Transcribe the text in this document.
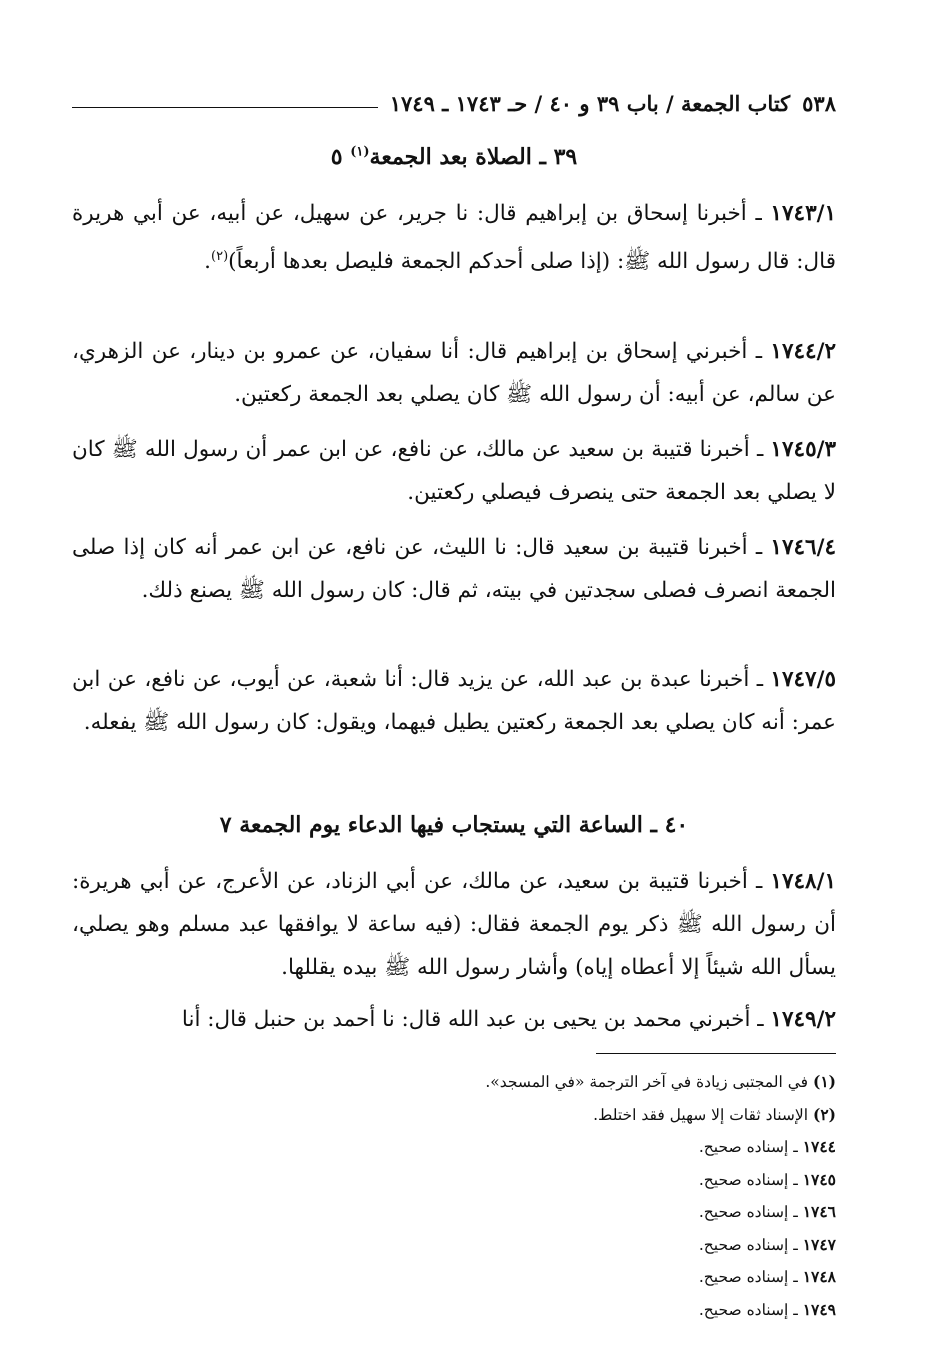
٥٣٨
كتاب الجمعة / باب ٣٩ و ٤٠ / حـ ١٧٤٣ ـ ١٧٤٩
٣٩ ـ الصلاة بعد الجمعة$^{(١)}$ ٥
١٧٤٣/١ ـ أخبرنا إسحاق بن إبراهيم قال: نا جرير، عن سهيل، عن أبيه، عن أبي هريرة قال: قال رسول الله ﷺ: (إذا صلى أحدكم الجمعة فليصل بعدها أربعاً)$^{(٢)}$.
١٧٤٤/٢ ـ أخبرني إسحاق بن إبراهيم قال: أنا سفيان، عن عمرو بن دينار، عن الزهري، عن سالم، عن أبيه: أن رسول الله ﷺ كان يصلي بعد الجمعة ركعتين.
١٧٤٥/٣ ـ أخبرنا قتيبة بن سعيد عن مالك، عن نافع، عن ابن عمر أن رسول الله ﷺ كان لا يصلي بعد الجمعة حتى ينصرف فيصلي ركعتين.
١٧٤٦/٤ ـ أخبرنا قتيبة بن سعيد قال: نا الليث، عن نافع، عن ابن عمر أنه كان إذا صلى الجمعة انصرف فصلى سجدتين في بيته، ثم قال: كان رسول الله ﷺ يصنع ذلك.
١٧٤٧/٥ ـ أخبرنا عبدة بن عبد الله، عن يزيد قال: أنا شعبة، عن أيوب، عن نافع، عن ابن عمر: أنه كان يصلي بعد الجمعة ركعتين يطيل فيهما، ويقول: كان رسول الله ﷺ يفعله.
٤٠ ـ الساعة التي يستجاب فيها الدعاء يوم الجمعة ٧
١٧٤٨/١ ـ أخبرنا قتيبة بن سعيد، عن مالك، عن أبي الزناد، عن الأعرج، عن أبي هريرة: أن رسول الله ﷺ ذكر يوم الجمعة فقال: (فيه ساعة لا يوافقها عبد مسلم وهو يصلي، يسأل الله شيئاً إلا أعطاه إياه) وأشار رسول الله ﷺ بيده يقللها.
١٧٤٩/٢ ـ أخبرني محمد بن يحيى بن عبد الله قال: نا أحمد بن حنبل قال: أنا
(١) في المجتبى زيادة في آخر الترجمة «في المسجد».
(٢) الإسناد ثقات إلا سهيل فقد اختلط.
١٧٤٤ ـ إسناده صحيح.
١٧٤٥ ـ إسناده صحيح.
١٧٤٦ ـ إسناده صحيح.
١٧٤٧ ـ إسناده صحيح.
١٧٤٨ ـ إسناده صحيح.
١٧٤٩ ـ إسناده صحيح.
